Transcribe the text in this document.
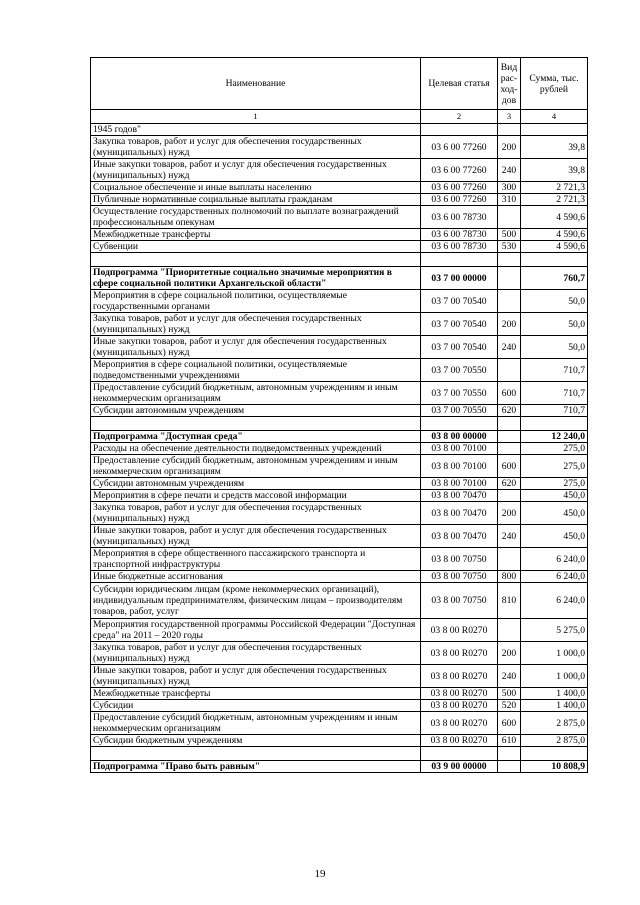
Наименование	Целевая статья	Вид рас-ход-дов	Сумма, тыс. рублей
1	2	3	4
1945 годов"			
Закупка товаров, работ и услуг для обеспечения государственных (муниципальных) нужд	03 6 00 77260	200	39,8
Иные закупки товаров, работ и услуг для обеспечения государственных (муниципальных) нужд	03 6 00 77260	240	39,8
Социальное обеспечение и иные выплаты населению	03 6 00 77260	300	2 721,3
Публичные нормативные социальные выплаты гражданам	03 6 00 77260	310	2 721,3
Осуществление государственных полномочий по выплате вознаграждений профессиональным опекунам	03 6 00 78730		4 590,6
Межбюджетные трансферты	03 6 00 78730	500	4 590,6
Субвенции	03 6 00 78730	530	4 590,6

Подпрограмма "Приоритетные социально значимые мероприятия в сфере социальной политики Архангельской области"	03 7 00 00000		760,7
Мероприятия в сфере социальной политики, осуществляемые государственными органами	03 7 00 70540		50,0
Закупка товаров, работ и услуг для обеспечения государственных (муниципальных) нужд	03 7 00 70540	200	50,0
Иные закупки товаров, работ и услуг для обеспечения государственных (муниципальных) нужд	03 7 00 70540	240	50,0
Мероприятия в сфере социальной политики, осуществляемые подведомственными учреждениями	03 7 00 70550		710,7
Предоставление субсидий бюджетным, автономным учреждениям и иным некоммерческим организациям	03 7 00 70550	600	710,7
Субсидии автономным учреждениям	03 7 00 70550	620	710,7

Подпрограмма "Доступная среда"	03 8 00 00000		12 240,0
Расходы на обеспечение деятельности подведомственных учреждений	03 8 00 70100		275,0
Предоставление субсидий бюджетным, автономным учреждениям и иным некоммерческим организациям	03 8 00 70100	600	275,0
Субсидии автономным учреждениям	03 8 00 70100	620	275,0
Мероприятия в сфере печати и средств массовой информации	03 8 00 70470		450,0
Закупка товаров, работ и услуг для обеспечения государственных (муниципальных) нужд	03 8 00 70470	200	450,0
Иные закупки товаров, работ и услуг для обеспечения государственных (муниципальных) нужд	03 8 00 70470	240	450,0
Мероприятия в сфере общественного пассажирского транспорта и транспортной инфраструктуры	03 8 00 70750		6 240,0
Иные бюджетные ассигнования	03 8 00 70750	800	6 240,0
Субсидии юридическим лицам (кроме некоммерческих организаций), индивидуальным предпринимателям, физическим лицам – производителям товаров, работ, услуг	03 8 00 70750	810	6 240,0
Мероприятия государственной программы Российской Федерации "Доступная среда" на 2011 – 2020 годы	03 8 00 R0270		5 275,0
Закупка товаров, работ и услуг для обеспечения государственных (муниципальных) нужд	03 8 00 R0270	200	1 000,0
Иные закупки товаров, работ и услуг для обеспечения государственных (муниципальных) нужд	03 8 00 R0270	240	1 000,0
Межбюджетные трансферты	03 8 00 R0270	500	1 400,0
Субсидии	03 8 00 R0270	520	1 400,0
Предоставление субсидий бюджетным, автономным учреждениям и иным некоммерческим организациям	03 8 00 R0270	600	2 875,0
Субсидии бюджетным учреждениям	03 8 00 R0270	610	2 875,0

Подпрограмма "Право быть равным"	03 9 00 00000		10 808,9
19
